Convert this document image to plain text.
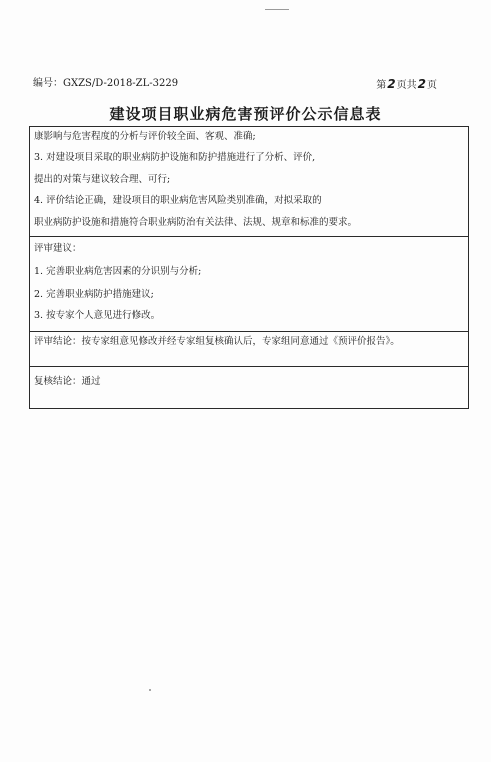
编号：GXZS/D-2018-ZL-3229	第2页共2页
建设项目职业病危害预评价公示信息表
康影响与危害程度的分析与评价较全面、客观、准确;
3. 对建设项目采取的职业病防护设施和防护措施进行了分析、评价,
提出的对策与建议较合理、可行;
4. 评价结论正确，建设项目的职业病危害风险类别准确，对拟采取的
职业病防护设施和措施符合职业病防治有关法律、法规、规章和标准的要求。
评审建议：
1. 完善职业病危害因素的分识别与分析;
2. 完善职业病防护措施建议;
3. 按专家个人意见进行修改。
评审结论：按专家组意见修改并经专家组复核确认后，专家组同意通过《预评价报告》。
复核结论：通过
